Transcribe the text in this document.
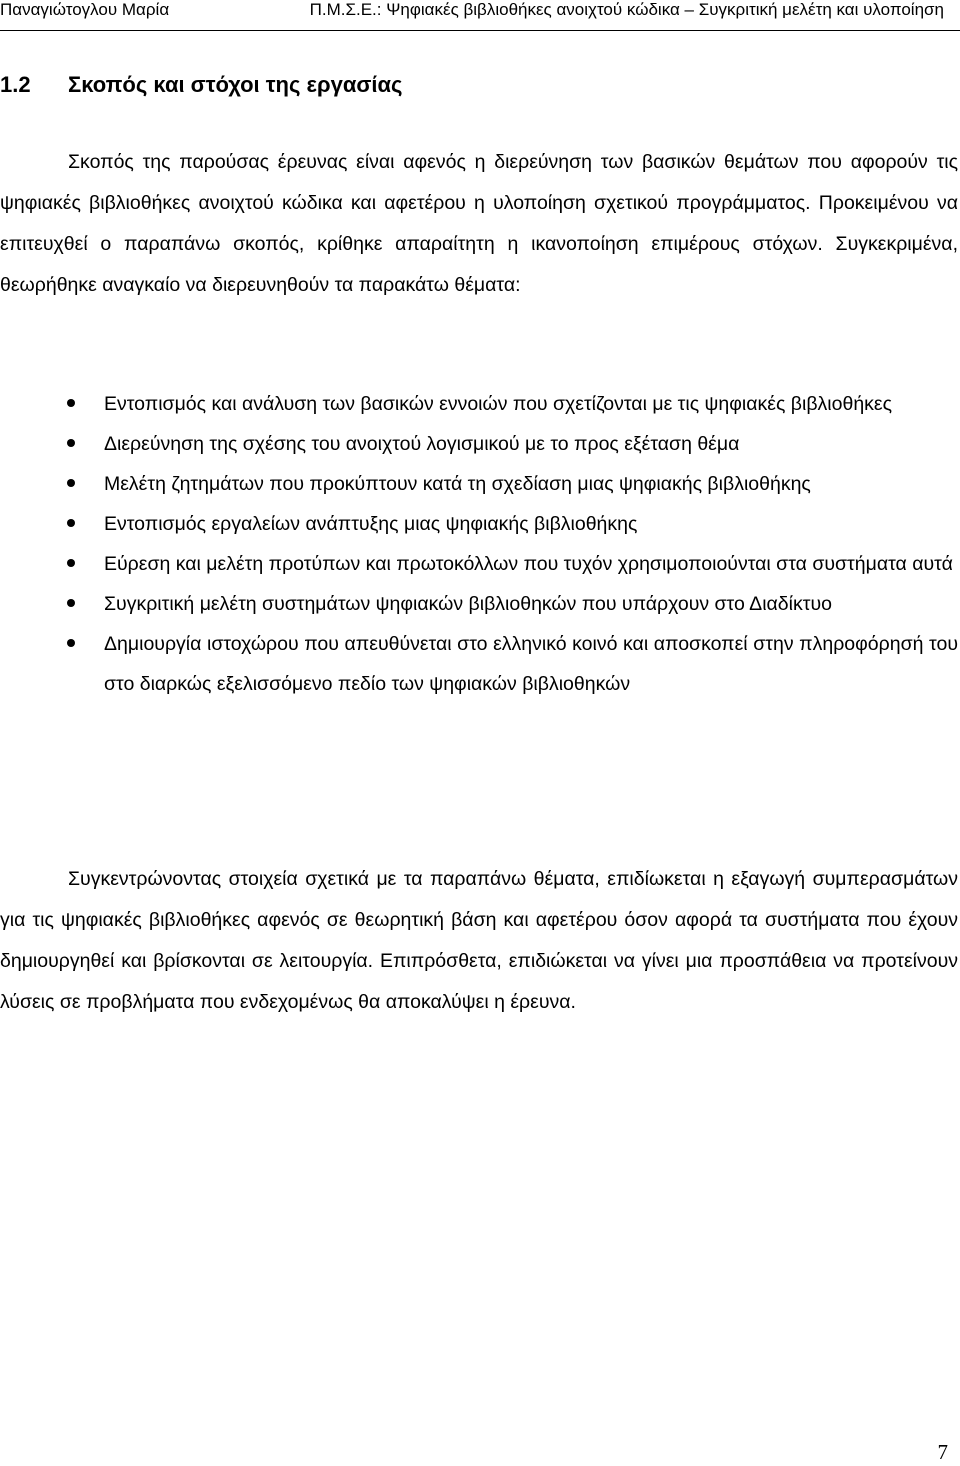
Παναγιώτογλου Μαρία	Π.Μ.Σ.Ε.: Ψηφιακές βιβλιοθήκες ανοιχτού κώδικα – Συγκριτική μελέτη και υλοποίηση
1.2 Σκοπός και στόχοι της εργασίας

Σκοπός της παρούσας έρευνας είναι αφενός η διερεύνηση των βασικών θεμάτων που αφορούν τις ψηφιακές βιβλιοθήκες ανοιχτού κώδικα και αφετέρου η υλοποίηση σχετικού προγράμματος. Προκειμένου να επιτευχθεί ο παραπάνω σκοπός, κρίθηκε απαραίτητη η ικανοποίηση επιμέρους στόχων. Συγκεκριμένα, θεωρήθηκε αναγκαίο να διερευνηθούν τα παρακάτω θέματα:

Εντοπισμός και ανάλυση των βασικών εννοιών που σχετίζονται με τις ψηφιακές βιβλιοθήκες
Διερεύνηση της σχέσης του ανοιχτού λογισμικού με το προς εξέταση θέμα
Μελέτη ζητημάτων που προκύπτουν κατά τη σχεδίαση μιας ψηφιακής βιβλιοθήκης
Εντοπισμός εργαλείων ανάπτυξης μιας ψηφιακής βιβλιοθήκης
Εύρεση και μελέτη προτύπων και πρωτοκόλλων που τυχόν χρησιμοποιούνται στα συστήματα αυτά
Συγκριτική μελέτη συστημάτων ψηφιακών βιβλιοθηκών που υπάρχουν στο Διαδίκτυο
Δημιουργία ιστοχώρου που απευθύνεται στο ελληνικό κοινό και αποσκοπεί στην πληροφόρησή του στο διαρκώς εξελισσόμενο πεδίο των ψηφιακών βιβλιοθηκών

Συγκεντρώνοντας στοιχεία σχετικά με τα παραπάνω θέματα, επιδίωκεται η εξαγωγή συμπερασμάτων για τις ψηφιακές βιβλιοθήκες αφενός σε θεωρητική βάση και αφετέρου όσον αφορά τα συστήματα που έχουν δημιουργηθεί και βρίσκονται σε λειτουργία. Επιπρόσθετα, επιδιώκεται να γίνει μια προσπάθεια να προτείνουν λύσεις σε προβλήματα που ενδεχομένως θα αποκαλύψει η έρευνα.

7
